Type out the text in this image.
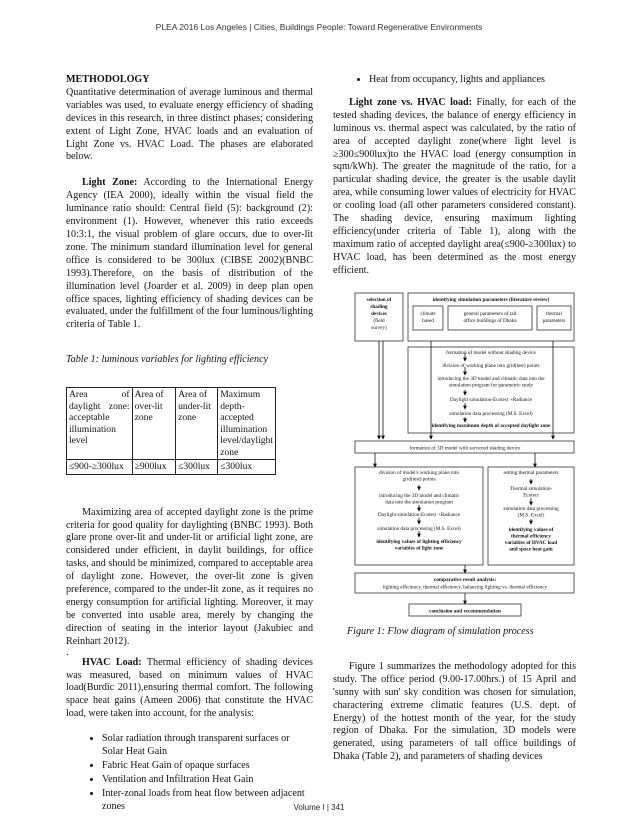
PLEA 2016 Los Angeles | Cities, Buildings People: Toward Regenerative Environments

METHODOLOGY

Quantitative determination of average luminous and thermal variables was used, to evaluate energy efficiency of shading devices in this research, in three distinct phases; considering extent of Light Zone, HVAC loads and an evaluation of Light Zone vs. HVAC Load. The phases are elaborated below.

Light Zone: According to the International Energy Agency (IEA 2000), ideally within the visual field the luminance ratio should: Central field (5): background (2): environment (1). However, whenever this ratio exceeds 10:3:1, the visual problem of glare occurs, due to over-lit zone. The minimum standard illumination level for general office is considered to be 300lux (CIBSE 2002)(BNBC 1993).Therefore, on the basis of distribution of the illumination level (Joarder et al. 2009) in deep plan open office spaces, lighting efficiency of shading devices can be evaluated, under the fulfillment of the four luminous/lighting criteria of Table 1.

Table 1: luminous variables for lighting efficiency

Area of daylight zone: acceptable illumination level	Area of over-lit zone	Area of under-lit zone	Maximum depth-accepted illumination level/daylight zone
≤900-≥300lux	≥900lux	≤300lux	≤300lux

Maximizing area of accepted daylight zone is the prime criteria for good quality for daylighting (BNBC 1993). Both glare prone over-lit and under-lit or artificial light zone, are considered under efficient, in daylit buildings, for office tasks, and should be minimized, compared to acceptable area of daylight zone. However, the over-lit zone is given preference, compared to the under-lit zone, as it requires no energy consumption for artificial lighting. Moreover, it may be converted into usable area, merely by changing the direction of seating in the interior layout (Jakubiec and Reinhart 2012).

.

HVAC Load: Thermal efficiency of shading devices was measured, based on minimum values of HVAC load(Burdic 2011),ensuring thermal comfort. The following space heat gains (Ameen 2006) that constitute the HVAC load, were taken into account, for the analysis:

• Solar radiation through transparent surfaces or Solar Heat Gain
• Fabric Heat Gain of opaque surfaces
• Ventilation and Infiltration Heat Gain
• Inter-zonal loads from heat flow between adjacent zones
• Heat from occupancy, lights and appliances

Light zone vs. HVAC load: Finally, for each of the tested shading devices, the balance of energy efficiency in luminous vs. thermal aspect was calculated, by the ratio of area of accepted daylight zone(where light level is ≥300≤900lux)to the HVAC load (energy consumption in sqm/kWh). The greater the magnitude of the ratio, for a particular shading device, the greater is the usable daylit area, while consuming lower values of electricity for HVAC or cooling load (all other parameters considered constant). The shading device, ensuring maximum lighting efficiency(under criteria of Table 1), along with the maximum ratio of accepted daylight area(≤900-≥300lux) to HVAC load, has been determined as the most energy efficient.

selection of shading devices (field survey)
identifying simulation parameters (literature review)
climate based
general parameters of tall office buildings of Dhaka
thermal parameters
formation of model without shading device
division of working plane into grid(test) points
introducing the 3D model and climatic data into the simulation program for parametric study
Daylight simulation-Ecotect +Radiance
simulation data processing (M.S. Excel)
identifying maximum depth of accepted daylight zone
formation of 3D model with surveyed shading device
division of model's working plane into grid(test) points
introducing the 3D model and climatic data into the simulation program
Daylight simulation-Ecotect +Radiance
simulation data processing (M.S. Excel)
identifying values of lighting efficiency variables of light zone
setting thermal parameters
Thermal simulation-Ecotect
simulation data processing (M.S. Excel)
identifying values of thermal efficiency variables of HVAC load and space heat gain
comparative result analysis:
lighting efficiency, thermal efficiency, balancing lighting vs. thermal efficiency
conclusion and recommendation

Figure 1: Flow diagram of simulation process

Figure 1 summarizes the methodology adopted for this study. The office period (9.00-17.00hrs.) of 15 April and 'sunny with sun' sky condition was chosen for simulation, charactering extreme climatic features (U.S. dept. of Energy) of the hottest month of the year, for the study region of Dhaka. For the simulation, 3D models were generated, using parameters of tall office buildings of Dhaka (Table 2), and parameters of shading devices

Volume I | 341
